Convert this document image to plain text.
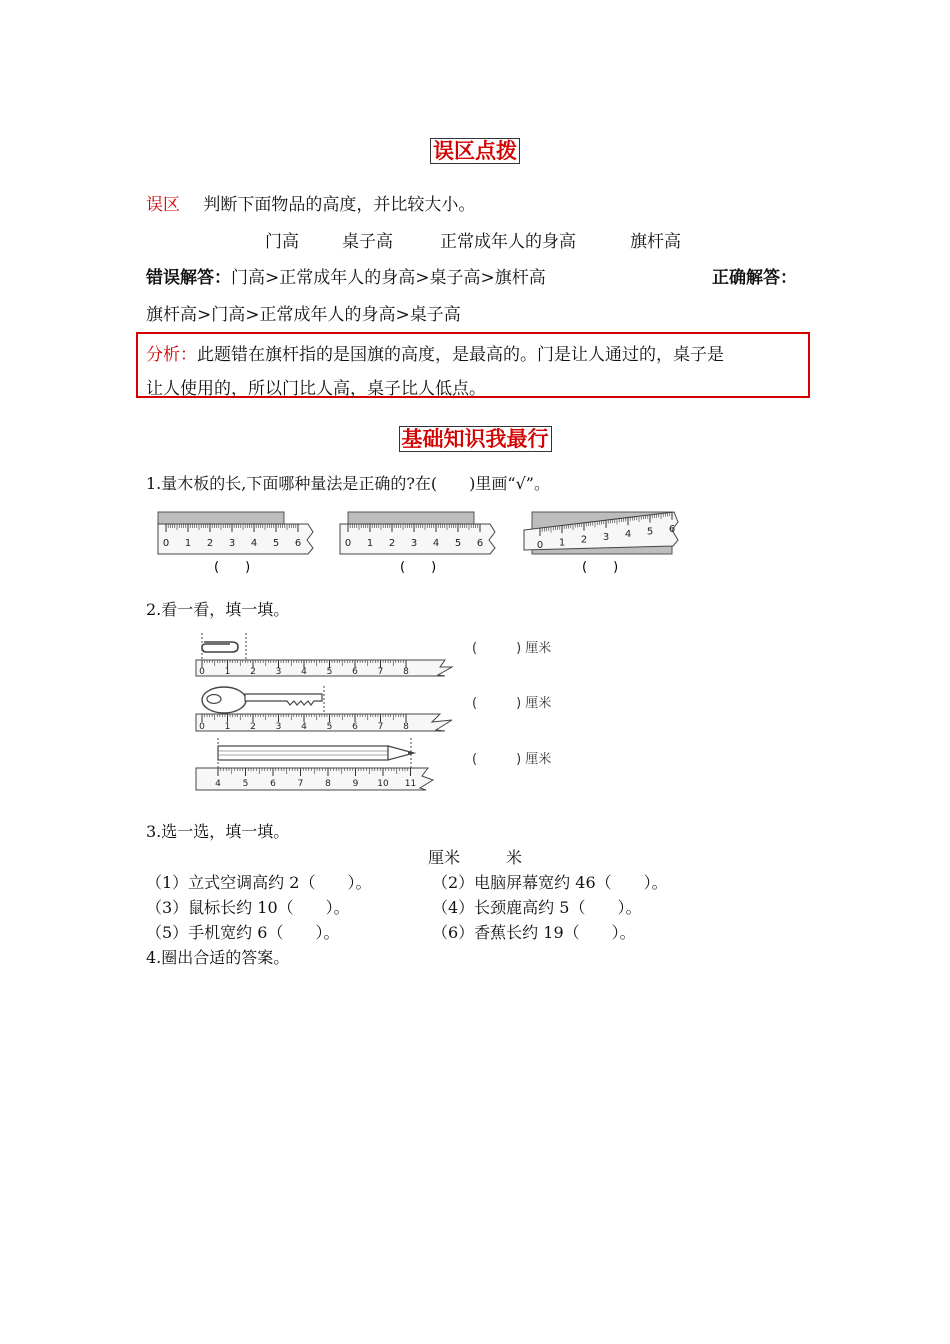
误区点拨
误区 判断下面物品的高度，并比较大小。
门高	桌子高	正常成年人的身高	旗杆高
错误解答：门高>正常成年人的身高>桌子高>旗杆高	正确解答：
旗杆高>门高>正常成年人的身高>桌子高
分析：此题错在旗杆指的是国旗的高度，是最高的。门是让人通过的，桌子是
让人使用的，所以门比人高，桌子比人低点。
基础知识我最行
1.量木板的长,下面哪种量法是正确的?在(　　)里画“√”。
0 1 2 3 4 5 6	0 1 2 3 4 5 6	0 1 2 3 4 5 6
(　　)	(　　)	(　　)
2.看一看，填一填。
0 1 2 3 4 5 6 7 8
0 1 2 3 4 5 6 7 8
4 5 6 7 8 9 10 11
(　　　) 厘米
(　　　) 厘米
(　　　) 厘米
3.选一选，填一填。
厘米	米
（1）立式空调高约 2（　　）。	（2）电脑屏幕宽约 46（　　）。
（3）鼠标长约 10（　　）。	（4）长颈鹿高约 5（　　）。
（5）手机宽约 6（　　）。	（6）香蕉长约 19（　　）。
4.圈出合适的答案。
